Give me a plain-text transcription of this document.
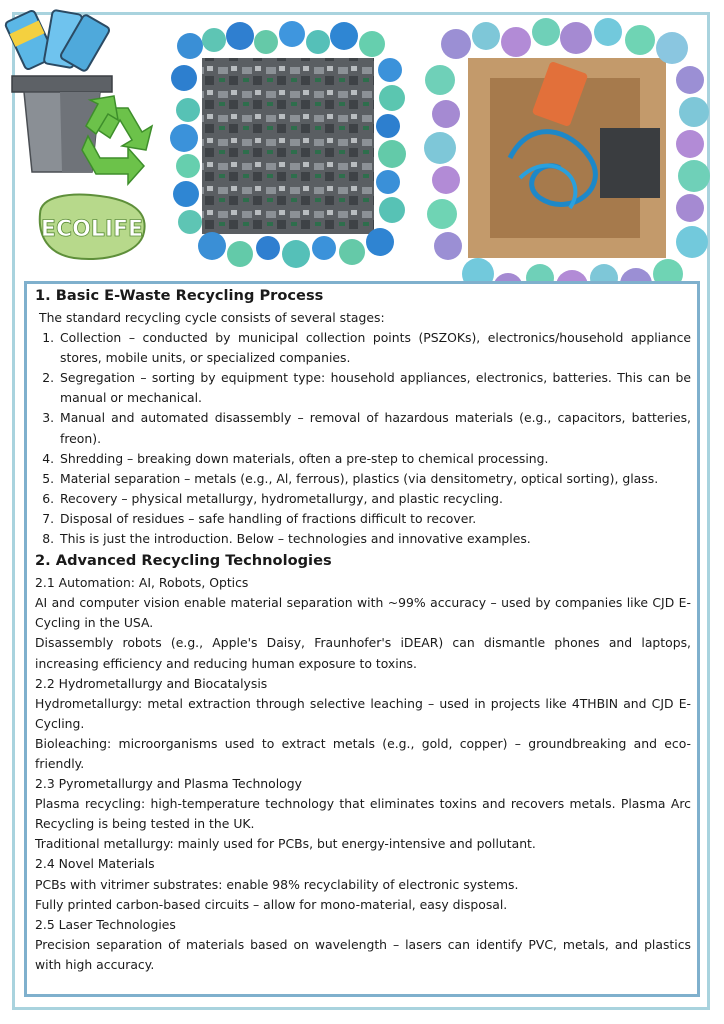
ECOLIFE
1. Basic E-Waste Recycling Process

The standard recycling cycle consists of several stages:

1. Collection – conducted by municipal collection points (PSZOKs), electronics/household appliance stores, mobile units, or specialized companies.
2. Segregation – sorting by equipment type: household appliances, electronics, batteries. This can be manual or mechanical.
3. Manual and automated disassembly – removal of hazardous materials (e.g., capacitors, batteries, freon).
4. Shredding – breaking down materials, often a pre-step to chemical processing.
5. Material separation – metals (e.g., Al, ferrous), plastics (via densitometry, optical sorting), glass.
6. Recovery – physical metallurgy, hydrometallurgy, and plastic recycling.
7. Disposal of residues – safe handling of fractions difficult to recover.
8. This is just the introduction. Below – technologies and innovative examples.
2. Advanced Recycling Technologies

2.1 Automation: AI, Robots, Optics

AI and computer vision enable material separation with ~99% accuracy – used by companies like CJD E-Cycling in the USA.

Disassembly robots (e.g., Apple's Daisy, Fraunhofer's iDEAR) can dismantle phones and laptops, increasing efficiency and reducing human exposure to toxins.

2.2 Hydrometallurgy and Biocatalysis

Hydrometallurgy: metal extraction through selective leaching – used in projects like 4THBIN and CJD E-Cycling.

Bioleaching: microorganisms used to extract metals (e.g., gold, copper) – groundbreaking and eco-friendly.

2.3 Pyrometallurgy and Plasma Technology

Plasma recycling: high-temperature technology that eliminates toxins and recovers metals. Plasma Arc Recycling is being tested in the UK.

Traditional metallurgy: mainly used for PCBs, but energy-intensive and pollutant.

2.4 Novel Materials

PCBs with vitrimer substrates: enable 98% recyclability of electronic systems.

Fully printed carbon-based circuits – allow for mono-material, easy disposal.

2.5 Laser Technologies

Precision separation of materials based on wavelength – lasers can identify PVC, metals, and plastics with high accuracy.
